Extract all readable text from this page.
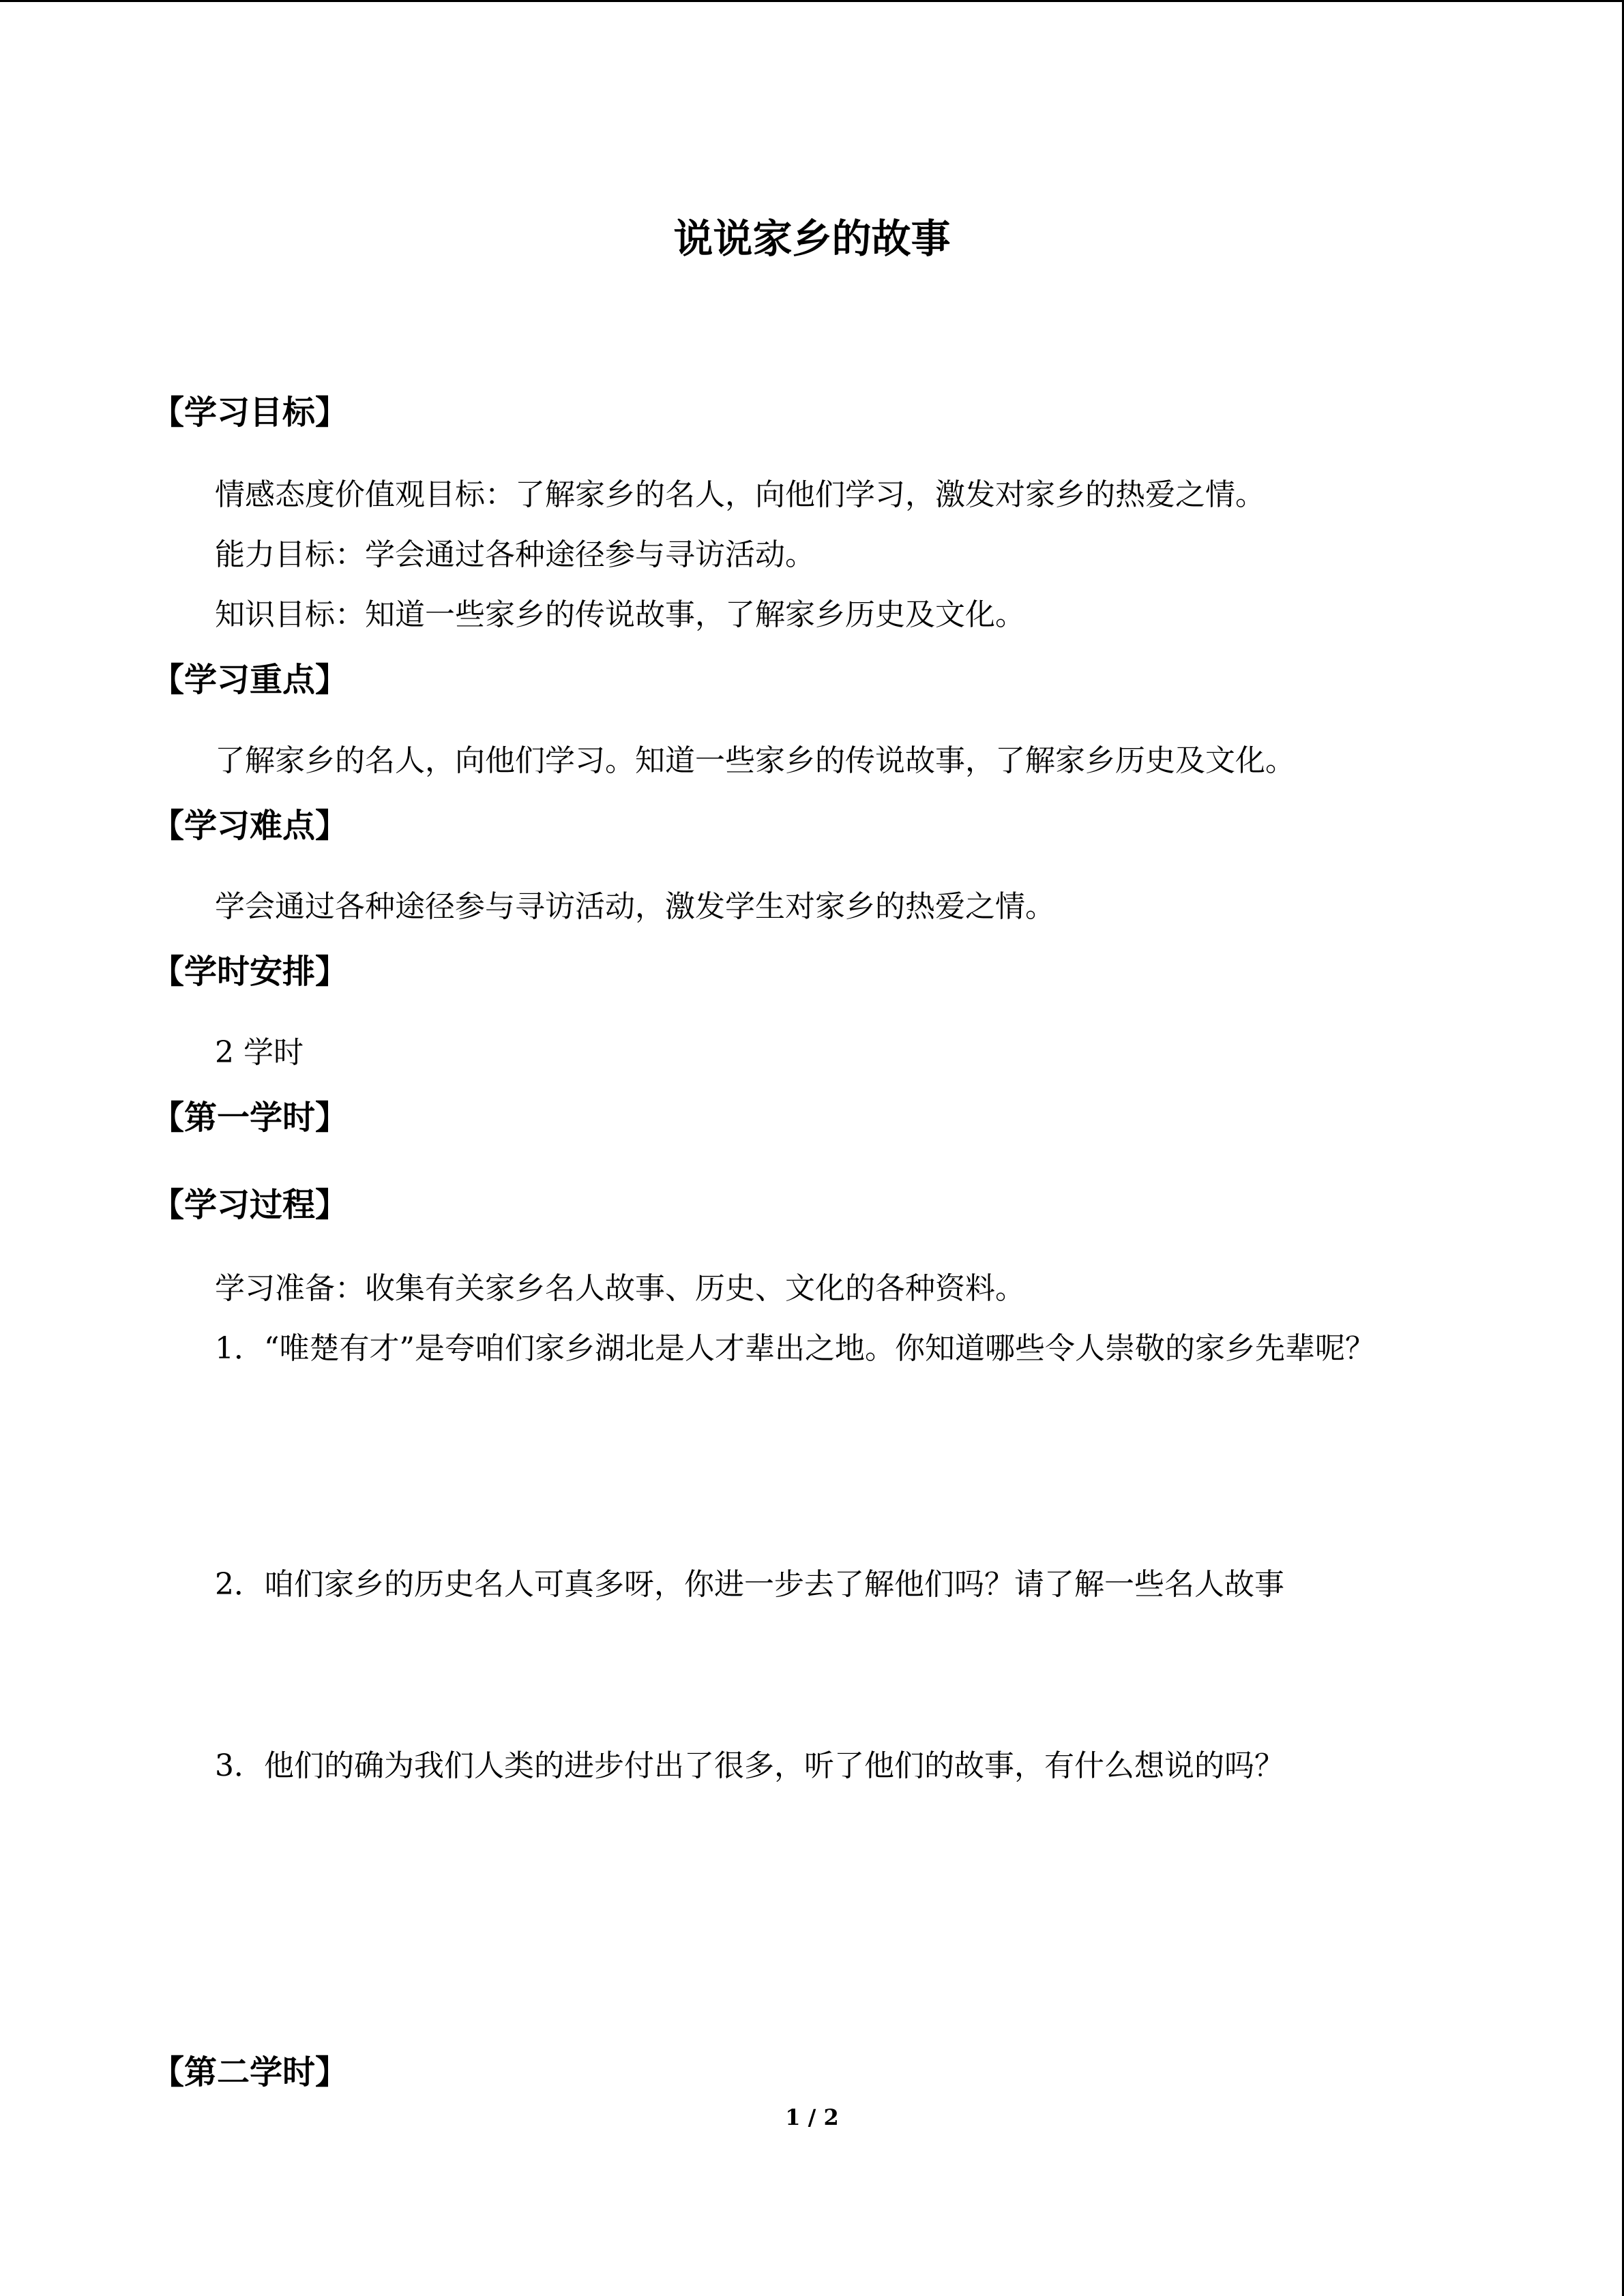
说说家乡的故事
【学习目标】
情感态度价值观目标：了解家乡的名人，向他们学习，激发对家乡的热爱之情。
能力目标：学会通过各种途径参与寻访活动。
知识目标：知道一些家乡的传说故事，了解家乡历史及文化。
【学习重点】
了解家乡的名人，向他们学习。知道一些家乡的传说故事，了解家乡历史及文化。
【学习难点】
学会通过各种途径参与寻访活动，激发学生对家乡的热爱之情。
【学时安排】
2 学时
【第一学时】
【学习过程】
学习准备：收集有关家乡名人故事、历史、文化的各种资料。
1．“唯楚有才”是夸咱们家乡湖北是人才辈出之地。你知道哪些令人崇敬的家乡先辈呢？
2．咱们家乡的历史名人可真多呀，你进一步去了解他们吗？请了解一些名人故事
3．他们的确为我们人类的进步付出了很多，听了他们的故事，有什么想说的吗？
【第二学时】
1 / 2
